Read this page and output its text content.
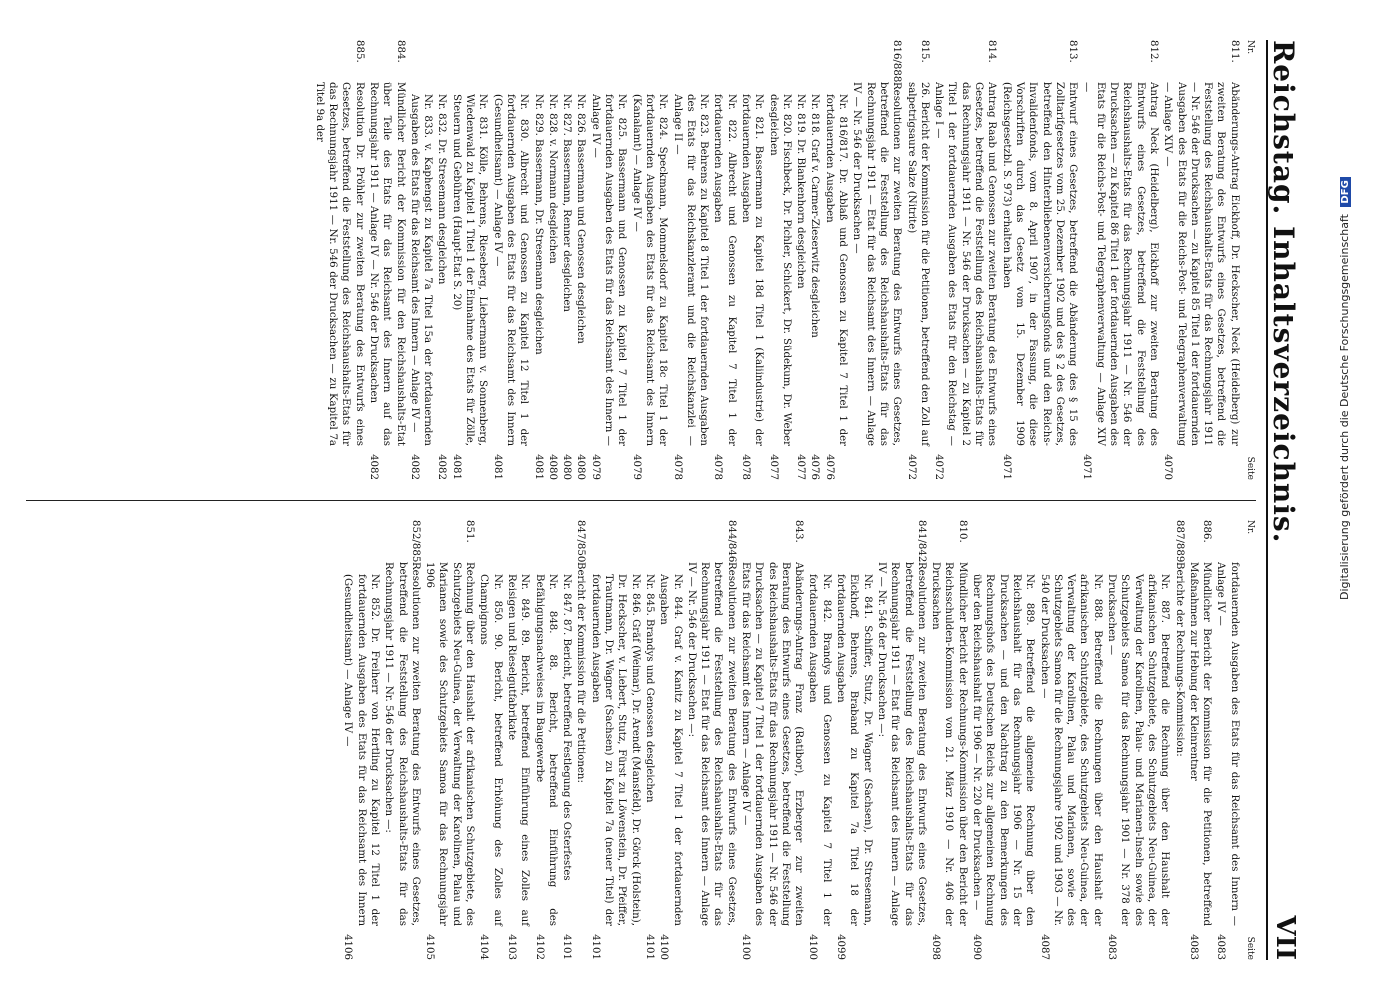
Reichstag. Inhaltsverzeichnis.
VII
Nr.
Seite
811.
Abänderungs-Antrag Eickhoff, Dr. Heckscher, Neck (Heidelberg) zur zweiten Beratung des Entwurfs eines Gesetzes, betreffend die Feststellung des Reichshaushalts-Etats für das Rechnungsjahr 1911 — Nr. 546 der Drucksachen — zu Kapitel 85 Titel 1 der fortdauernden Ausgaben des Etats für die Reichs-Post- und Telegraphenverwaltung — Anlage XIV —
4070
812.
Antrag Neck (Heidelberg), Eickhoff zur zweiten Beratung des Entwurfs eines Gesetzes, betreffend die Feststellung des Reichshaushalts-Etats für das Rechnungsjahr 1911 — Nr. 546 der Drucksachen — zu Kapitel 86 Titel 1 der fortdauernden Ausgaben des Etats für die Reichs-Post- und Telegraphenverwaltung — Anlage XIV —
4071
813.
Entwurf eines Gesetzes, betreffend die Abänderung des § 15 des Zolltarifgesetzes vom 25. Dezember 1902 und des § 2 des Gesetzes, betreffend den Hinterbliebenenversicherungsfonds und den Reichs-Invalidenfonds, vom 8. April 1907, in der Fassung, die diese Vorschriften durch das Gesetz vom 15. Dezember 1909 (Reichsgesetzbl. S. 973) erhalten haben
4071
814.
Antrag Raab und Genossen zur zweiten Beratung des Entwurfs eines Gesetzes, betreffend die Feststellung des Reichshaushalts-Etats für das Rechnungsjahr 1911 — Nr. 546 der Drucksachen — zu Kapitel 2 Titel 1 der fortdauernden Ausgaben des Etats für den Reichstag — Anlage I —
4072
815.
26. Bericht der Kommission für die Petitionen, betreffend den Zoll auf salpetrigsaure Salze (Nitrite)
4072
816/888.
Resolutionen zur zweiten Beratung des Entwurfs eines Gesetzes, betreffend die Feststellung des Reichshaushalts-Etats für das Rechnungsjahr 1911 — Etat für das Reichsamt des Innern — Anlage IV — Nr. 546 der Drucksachen —
Nr. 816/817. Dr. Ablaß und Genossen zu Kapitel 7 Titel 1 der fortdauernden Ausgaben
4076
Nr. 818. Graf v. Carmer-Zieserwitz desgleichen
4076
Nr. 819. Dr. Blankenhorn desgleichen
4077
Nr. 820. Fischbeck, Dr. Pichler, Schickert, Dr. Südekum, Dr. Weber desgleichen
4077
Nr. 821. Bassermann zu Kapitel 18d Titel 1 (Kaliindustrie) der fortdauernden Ausgaben
4078
Nr. 822. Albrecht und Genossen zu Kapitel 7 Titel 1 der fortdauernden Ausgaben
4078
Nr. 823. Behrens zu Kapitel 8 Titel 1 der fortdauernden Ausgaben des Etats für das Reichskanzleramt und die Reichskanzlei — Anlage II —
4078
Nr. 824. Speckmann, Mommelsdorf zu Kapitel 18c Titel 1 der fortdauernden Ausgaben des Etats für das Reichsamt des Innern (Kanalamt) — Anlage IV —
4079
Nr. 825. Bassermann und Genossen zu Kapitel 7 Titel 1 der fortdauernden Ausgaben des Etats für das Reichsamt des Innern — Anlage IV —
4079
Nr. 826. Bassermann und Genossen desgleichen
4080
Nr. 827. Bassermann, Renner desgleichen
4080
Nr. 828. v. Normann desgleichen
4080
Nr. 829. Bassermann, Dr. Stresemann desgleichen
4081
Nr. 830. Albrecht und Genossen zu Kapitel 12 Titel 1 der fortdauernden Ausgaben des Etats für das Reichsamt des Innern (Gesundheitsamt) — Anlage IV —
4081
Nr. 831. Kölle, Behrens, Rieseberg, Liebermann v. Sonnenberg, Wiedenwald zu Kapitel 1 Titel 1 der Einnahme des Etats für Zölle, Steuern und Gebühren (Haupt-Etat S. 20)
4081
Nr. 832. Dr. Stresemann desgleichen
4082
Nr. 833. v. Kaphengst zu Kapitel 7a Titel 15a der fortdauernden Ausgaben des Etats für das Reichsamt des Innern — Anlage IV —
4082
884.
Mündlicher Bericht der Kommission für den Reichshaushalts-Etat über Teile des Etats für das Reichsamt des Innern auf das Rechnungsjahr 1911 — Anlage IV — Nr. 546 der Drucksachen
4082
885.
Resolution Dr. Pröhler zur zweiten Beratung des Entwurfs eines Gesetzes, betreffend die Feststellung des Reichshaushalts-Etats für das Rechnungsjahr 1911 — Nr. 546 der Drucksachen — zu Kapitel 7a Titel 9a der
Nr.
Seite
fortdauernden Ausgaben des Etats für das Reichsamt des Innern — Anlage IV —
4083
886.
Mündlicher Bericht der Kommission für die Petitionen, betreffend Maßnahmen zur Hebung der Kleinrentner
4083
887/889.
Berichte der Rechnungs-Kommission:
Nr. 887. Betreffend die Rechnung über den Haushalt der afrikanischen Schutzgebiete, des Schutzgebiets Neu-Guinea, der Verwaltung der Karolinen, Palau- und Marianen-Inseln sowie des Schutzgebiets Samoa für das Rechnungsjahr 1901 — Nr. 378 der Drucksachen —
4083
Nr. 888. Betreffend die Rechnungen über den Haushalt der afrikanischen Schutzgebiete, des Schutzgebiets Neu-Guinea, der Verwaltung der Karolinen, Palau und Marianen, sowie des Schutzgebiets Samoa für die Rechnungsjahre 1902 und 1903 — Nr. 540 der Drucksachen —
4087
Nr. 889. Betreffend die allgemeine Rechnung über den Reichshaushalt für das Rechnungsjahr 1906 — Nr. 15 der Drucksachen — und den Nachtrag zu den Bemerkungen des Rechnungshofs des Deutschen Reichs zur allgemeinen Rechnung über den Reichshaushalt für 1906 — Nr. 220 der Drucksachen —
4090
810.
Mündlicher Bericht der Rechnungs-Kommission über den Bericht der Reichsschulden-Kommission vom 21. März 1910 — Nr. 406 der Drucksachen
4098
841/842.
Resolutionen zur zweiten Beratung des Entwurfs eines Gesetzes, betreffend die Feststellung des Reichshaushalts-Etats für das Rechnungsjahr 1911 — Etat für das Reichsamt des Innern — Anlage IV — Nr. 546 der Drucksachen —:
Nr. 841. Schiffer, Stutz, Dr. Wagner (Sachsen), Dr. Stresemann, Eickhoff, Behrens, Braband zu Kapitel 7a Titel 18 der fortdauernden Ausgaben
4099
Nr. 842. Brandys und Genossen zu Kapitel 7 Titel 1 der fortdauernden Ausgaben
4100
843.
Abänderungs-Antrag Franz (Ratibor), Erzberger zur zweiten Beratung des Entwurfs eines Gesetzes, betreffend die Feststellung des Reichshaushalts-Etats für das Rechnungsjahr 1911 — Nr. 546 der Drucksachen — zu Kapitel 7 Titel 1 der fortdauernden Ausgaben des Etats für das Reichsamt des Innern — Anlage IV —
4100
844/846.
Resolutionen zur zweiten Beratung des Entwurfs eines Gesetzes, betreffend die Feststellung des Reichshaushalts-Etats für das Rechnungsjahr 1911 — Etat für das Reichsamt des Innern — Anlage IV — Nr. 546 der Drucksachen —:
Nr. 844. Graf v. Kanitz zu Kapitel 7 Titel 1 der fortdauernden Ausgaben
4100
Nr. 845. Brandys und Genossen desgleichen
4101
Nr. 846. Gräf (Weimar), Dr. Arendt (Mansfeld), Dr. Görck (Holstein), Dr. Heckscher, v. Liebert, Stutz, Fürst zu Löwenstein, Dr. Pfeiffer, Trautmann, Dr. Wagner (Sachsen) zu Kapitel 7a (neuer Titel) der fortdauernden Ausgaben
4101
847/850.
Bericht der Kommission für die Petitionen:
Nr. 847. 87. Bericht, betreffend Festlegung des Osterfestes
4101
Nr. 848. 88. Bericht, betreffend Einführung des Befähigungsnachweises im Baugewerbe
4102
Nr. 849. 89. Bericht, betreffend Einführung eines Zolles auf Reisigen und Rieselgutfabrikate
4103
Nr. 850. 90. Bericht, betreffend Erhöhung des Zolles auf Champignons
4104
851.
Rechnung über den Haushalt der afrikanischen Schutzgebiete, des Schutzgebiets Neu-Guinea, der Verwaltung der Karolinen, Palau und Marianen sowie des Schutzgebiets Samoa für das Rechnungsjahr 1906
4105
852/885.
Resolutionen zur zweiten Beratung des Entwurfs eines Gesetzes, betreffend die Feststellung des Reichshaushalts-Etats für das Rechnungsjahr 1911 — Nr. 546 der Drucksachen —:
Nr. 852. Dr. Freiherr von Hertling zu Kapitel 12 Titel 1 der fortdauernden Ausgaben des Etats für das Reichsamt des Innern (Gesundheitsamt) — Anlage IV —
4106
Digitalisierung gefördert durch die Deutsche Forschungsgemeinschaft DFG
